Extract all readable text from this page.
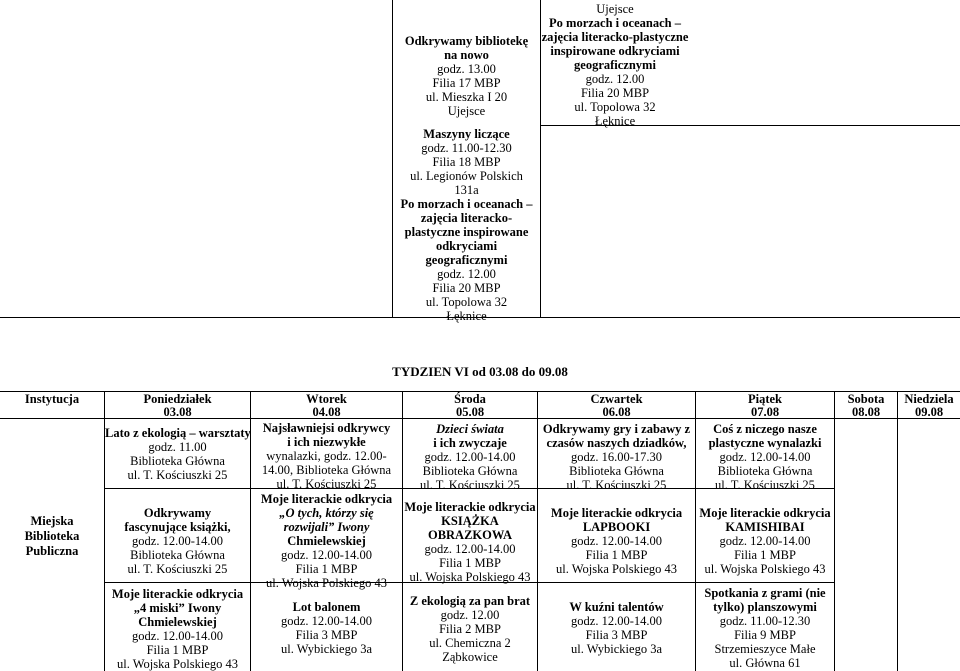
Odkrywamy bibliotekę
na nowo
godz. 13.00
Filia 17 MBP
ul. Mieszka I 20
Ujejsce
Maszyny liczące
godz. 11.00-12.30
Filia 18 MBP
ul. Legionów Polskich
131a
Po morzach i oceanach –
zajęcia literacko-
plastyczne inspirowane
odkryciami
geograficznymi
godz. 12.00
Filia 20 MBP
ul. Topolowa 32
Łęknice
Ujejsce
Po morzach i oceanach –
zajęcia literacko-plastyczne
inspirowane odkryciami
geograficznymi
godz. 12.00
Filia 20 MBP
ul. Topolowa 32
Łęknice
TYDZIEN VI od 03.08 do 09.08
Instytucja	Poniedziałek
03.08
Wtorek
04.08
Środa
05.08
Czwartek
06.08
Piątek
07.08
Sobota
08.08
Niedziela
09.08
Miejska
Biblioteka
Publiczna
Lato z ekologią – warsztaty
godz. 11.00
Biblioteka Główna
ul. T. Kościuszki 25
Najsławniejsi odkrywcy
i ich niezwykłe
wynalazki, godz. 12.00-
14.00, Biblioteka Główna
ul. T. Kościuszki 25
Dzieci świata
i ich zwyczaje
godz. 12.00-14.00
Biblioteka Główna
ul. T. Kościuszki 25
Odkrywamy gry i zabawy z
czasów naszych dziadków,
godz. 16.00-17.30
Biblioteka Główna
ul. T. Kościuszki 25
Coś z niczego nasze
plastyczne wynalazki
godz. 12.00-14.00
Biblioteka Główna
ul. T. Kościuszki 25
Odkrywamy
fascynujące książki,
godz. 12.00-14.00
Biblioteka Główna
ul. T. Kościuszki 25
Moje literackie odkrycia
„O tych, którzy się
rozwijali” Iwony
Chmielewskiej
godz. 12.00-14.00
Filia 1 MBP
ul. Wojska Polskiego 43
Moje literackie odkrycia
KSIĄŻKA
OBRAZKOWA
godz. 12.00-14.00
Filia 1 MBP
ul. Wojska Polskiego 43
Moje literackie odkrycia
LAPBOOKI
godz. 12.00-14.00
Filia 1 MBP
ul. Wojska Polskiego 43
Moje literackie odkrycia
KAMISHIBAI
godz. 12.00-14.00
Filia 1 MBP
ul. Wojska Polskiego 43
Moje literackie odkrycia
„4 miski” Iwony
Chmielewskiej
godz. 12.00-14.00
Filia 1 MBP
ul. Wojska Polskiego 43
Lot balonem
godz. 12.00-14.00
Filia 3 MBP
ul. Wybickiego 3a
Z ekologią za pan brat
godz. 12.00
Filia 2 MBP
ul. Chemiczna 2
Ząbkowice
W kuźni talentów
godz. 12.00-14.00
Filia 3 MBP
ul. Wybickiego 3a
Spotkania z grami (nie
tylko) planszowymi
godz. 11.00-12.30
Filia 9 MBP
Strzemieszyce Małe
ul. Główna 61
